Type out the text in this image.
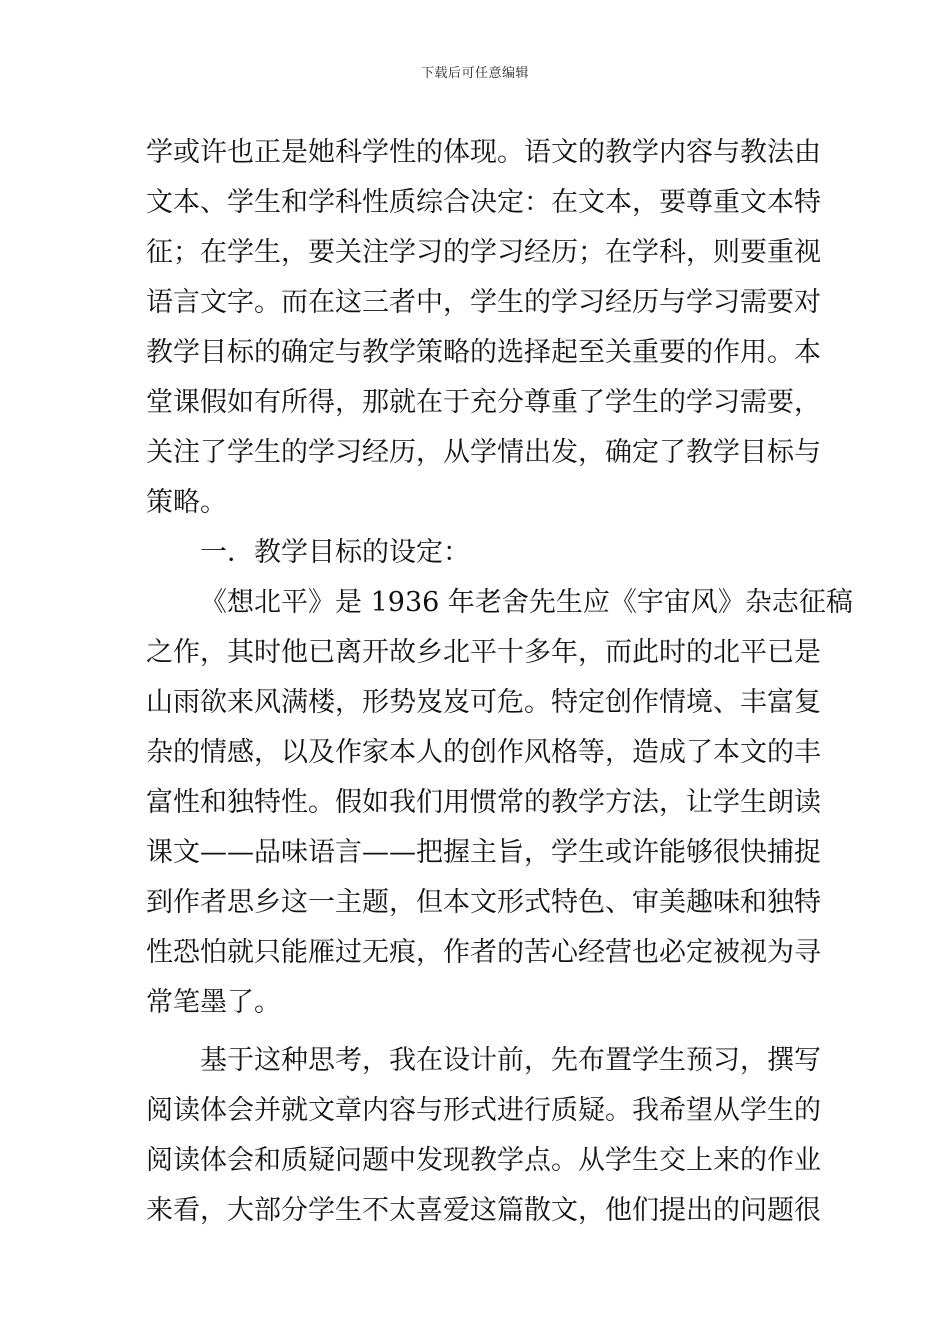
下载后可任意编辑
学或许也正是她科学性的体现。语文的教学内容与教法由
文本、学生和学科性质综合决定：在文本，要尊重文本特
征；在学生，要关注学习的学习经历；在学科，则要重视
语言文字。而在这三者中，学生的学习经历与学习需要对
教学目标的确定与教学策略的选择起至关重要的作用。本
堂课假如有所得，那就在于充分尊重了学生的学习需要，
关注了学生的学习经历，从学情出发，确定了教学目标与
策略。
一．教学目标的设定：
《想北平》是 1936 年老舍先生应《宇宙风》杂志征稿
之作，其时他已离开故乡北平十多年，而此时的北平已是
山雨欲来风满楼，形势岌岌可危。特定创作情境、丰富复
杂的情感，以及作家本人的创作风格等，造成了本文的丰
富性和独特性。假如我们用惯常的教学方法，让学生朗读
课文——品味语言——把握主旨，学生或许能够很快捕捉
到作者思乡这一主题，但本文形式特色、审美趣味和独特
性恐怕就只能雁过无痕，作者的苦心经营也必定被视为寻
常笔墨了。
基于这种思考，我在设计前，先布置学生预习，撰写
阅读体会并就文章内容与形式进行质疑。我希望从学生的
阅读体会和质疑问题中发现教学点。从学生交上来的作业
来看，大部分学生不太喜爱这篇散文，他们提出的问题很
